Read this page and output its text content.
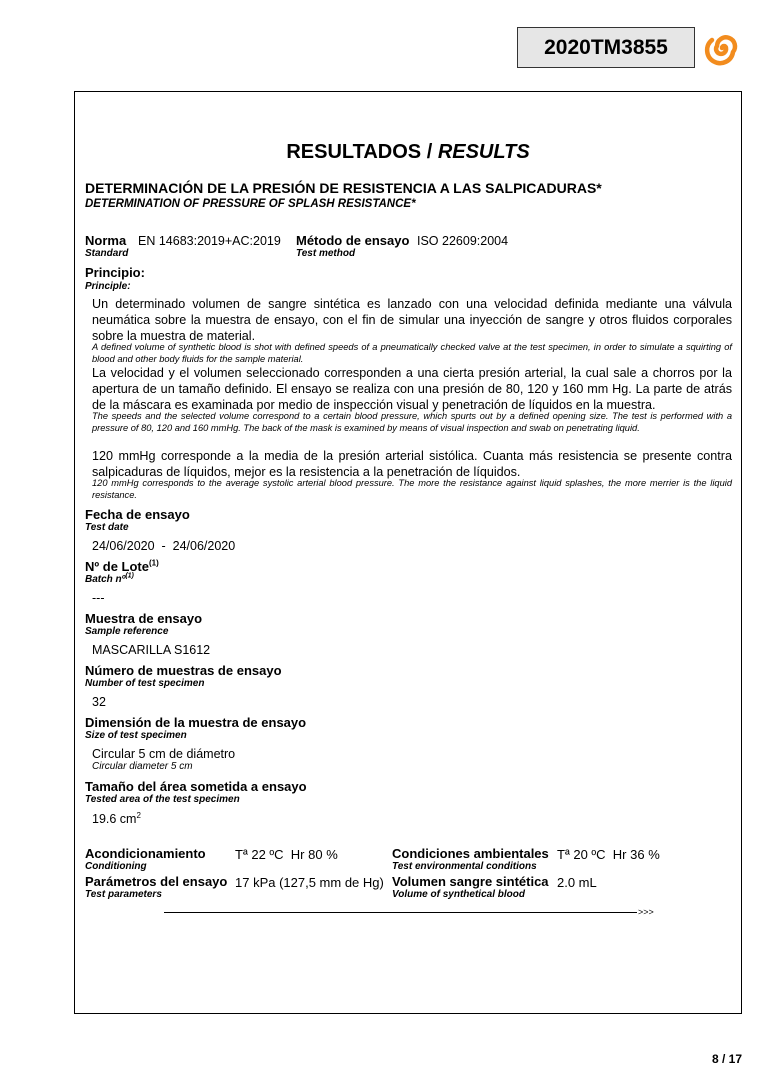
2020TM3855
RESULTADOS / RESULTS
DETERMINACIÓN DE LA PRESIÓN DE RESISTENCIA A LAS SALPICADURAS*
DETERMINATION OF PRESSURE OF SPLASH RESISTANCE*
Norma EN 14683:2019+AC:2019
Standard
Método de ensayo ISO 22609:2004
Test method
Principio:
Principle:
Un determinado volumen de sangre sintética es lanzado con una velocidad definida mediante una válvula neumática sobre la muestra de ensayo, con el fin de simular una inyección de sangre y otros fluidos corporales sobre la muestra de material.
A defined volume of synthetic blood is shot with defined speeds of a pneumatically checked valve at the test specimen, in order to simulate a squirting of blood and other body fluids for the sample material.
La velocidad y el volumen seleccionado corresponden a una cierta presión arterial, la cual sale a chorros por la apertura de un tamaño definido. El ensayo se realiza con una presión de 80, 120 y 160 mm Hg. La parte de atrás de la máscara es examinada por medio de inspección visual y penetración de líquidos en la muestra.
The speeds and the selected volume correspond to a certain blood pressure, which spurts out by a defined opening size. The test is performed with a pressure of 80, 120 and 160 mmHg. The back of the mask is examined by means of visual inspection and swab on penetrating liquid.
120 mmHg corresponde a la media de la presión arterial sistólica. Cuanta más resistencia se presente contra salpicaduras de líquidos, mejor es la resistencia a la penetración de líquidos.
120 mmHg corresponds to the average systolic arterial blood pressure. The more the resistance against liquid splashes, the more merrier is the liquid resistance.
Fecha de ensayo
Test date
24/06/2020  -  24/06/2020
Nº de Lote$^{(1)}$
Batch nº$^{(1)}$
---
Muestra de ensayo
Sample reference
MASCARILLA S1612
Número de muestras de ensayo
Number of test specimen
32
Dimensión de la muestra de ensayo
Size of test specimen
Circular 5 cm de diámetro
Circular diameter 5 cm
Tamaño del área sometida a ensayo
Tested area of the test specimen
19.6 $cm^2$
Acondicionamiento
Conditioning
Tª 22 ºC  Hr 80 %	Condiciones ambientales
Test environmental conditions
Tª 20 ºC  Hr 36 %
Parámetros del ensayo
Test parameters
17 kPa (127,5 mm de Hg) Volumen sangre sintética
Volume of synthetical blood
2.0 mL
>>>
8 / 17
